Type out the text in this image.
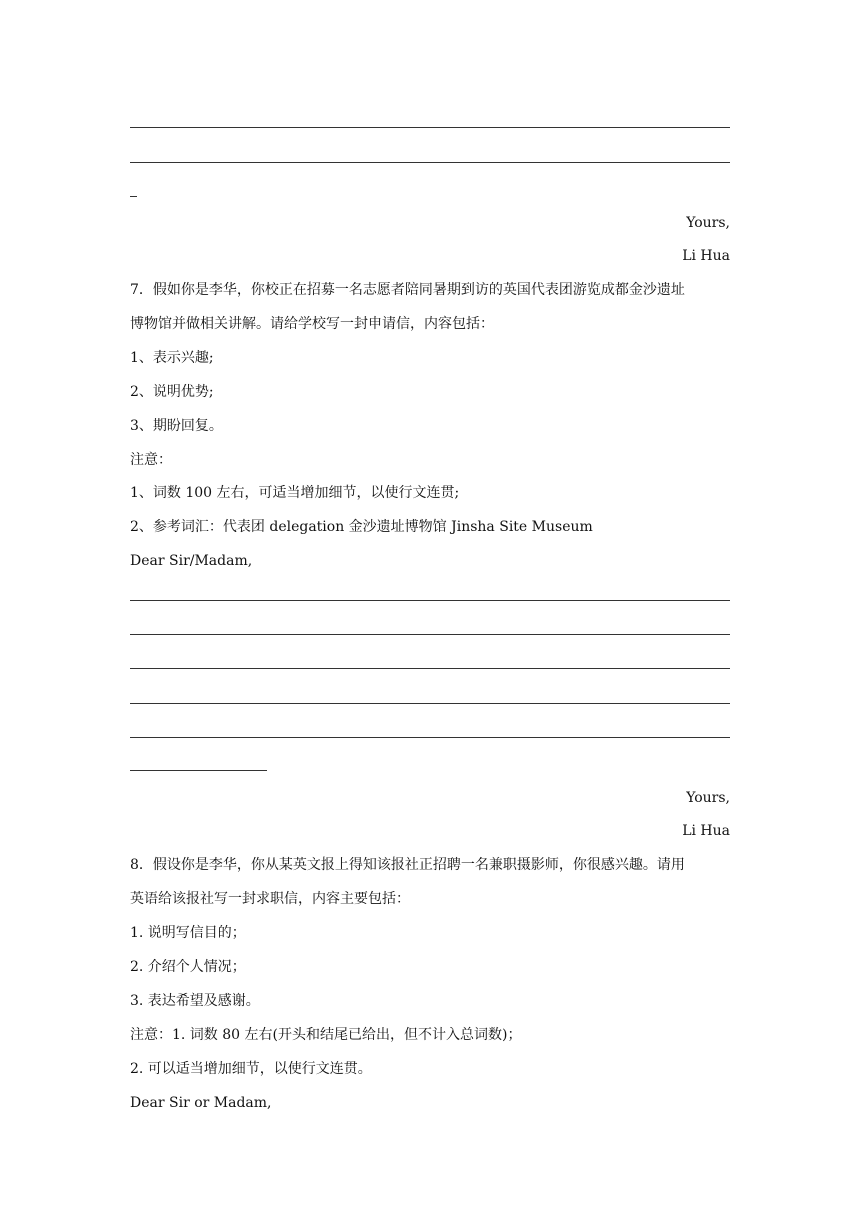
Yours,
Li Hua
7．假如你是李华，你校正在招募一名志愿者陪同暑期到访的英国代表团游览成都金沙遗址
博物馆并做相关讲解。请给学校写一封申请信，内容包括：
1、表示兴趣;
2、说明优势;
3、期盼回复。
注意：
1、词数 100 左右，可适当增加细节，以使行文连贯;
2、参考词汇：代表团 delegation 金沙遗址博物馆 Jinsha Site Museum
Dear Sir/Madam,
Yours,
Li Hua
8．假设你是李华，你从某英文报上得知该报社正招聘一名兼职摄影师，你很感兴趣。请用
英语给该报社写一封求职信，内容主要包括：
1. 说明写信目的；
2. 介绍个人情况；
3. 表达希望及感谢。
注意：1. 词数 80 左右(开头和结尾已给出，但不计入总词数)；
2. 可以适当增加细节，以使行文连贯。
Dear Sir or Madam,
